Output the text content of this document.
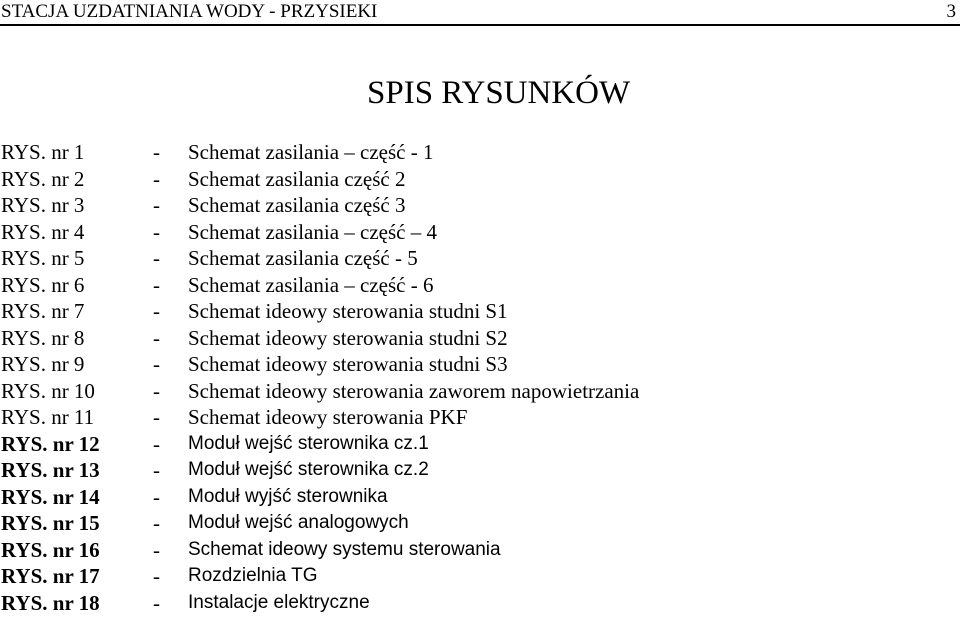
STACJA UZDATNIANIA WODY - PRZYSIEKI	3
SPIS RYSUNKÓW
RYS. nr 1	- Schemat zasilania – część - 1
RYS. nr 2	- Schemat zasilania część 2
RYS. nr 3	- Schemat zasilania część 3
RYS. nr 4	- Schemat zasilania – część – 4
RYS. nr 5	- Schemat zasilania część - 5
RYS. nr 6	- Schemat zasilania – część - 6
RYS. nr 7	- Schemat ideowy sterowania studni S1
RYS. nr 8	- Schemat ideowy sterowania studni S2
RYS. nr 9	- Schemat ideowy sterowania studni S3
RYS. nr 10	- Schemat ideowy sterowania zaworem napowietrzania
RYS. nr 11	- Schemat ideowy sterowania PKF
RYS. nr 12	- Moduł wejść sterownika cz.1
RYS. nr 13	- Moduł wejść sterownika cz.2
RYS. nr 14	- Moduł wyjść sterownika
RYS. nr 15	- Moduł wejść analogowych
RYS. nr 16	- Schemat ideowy systemu sterowania
RYS. nr 17	- Rozdzielnia TG
RYS. nr 18	- Instalacje elektryczne
